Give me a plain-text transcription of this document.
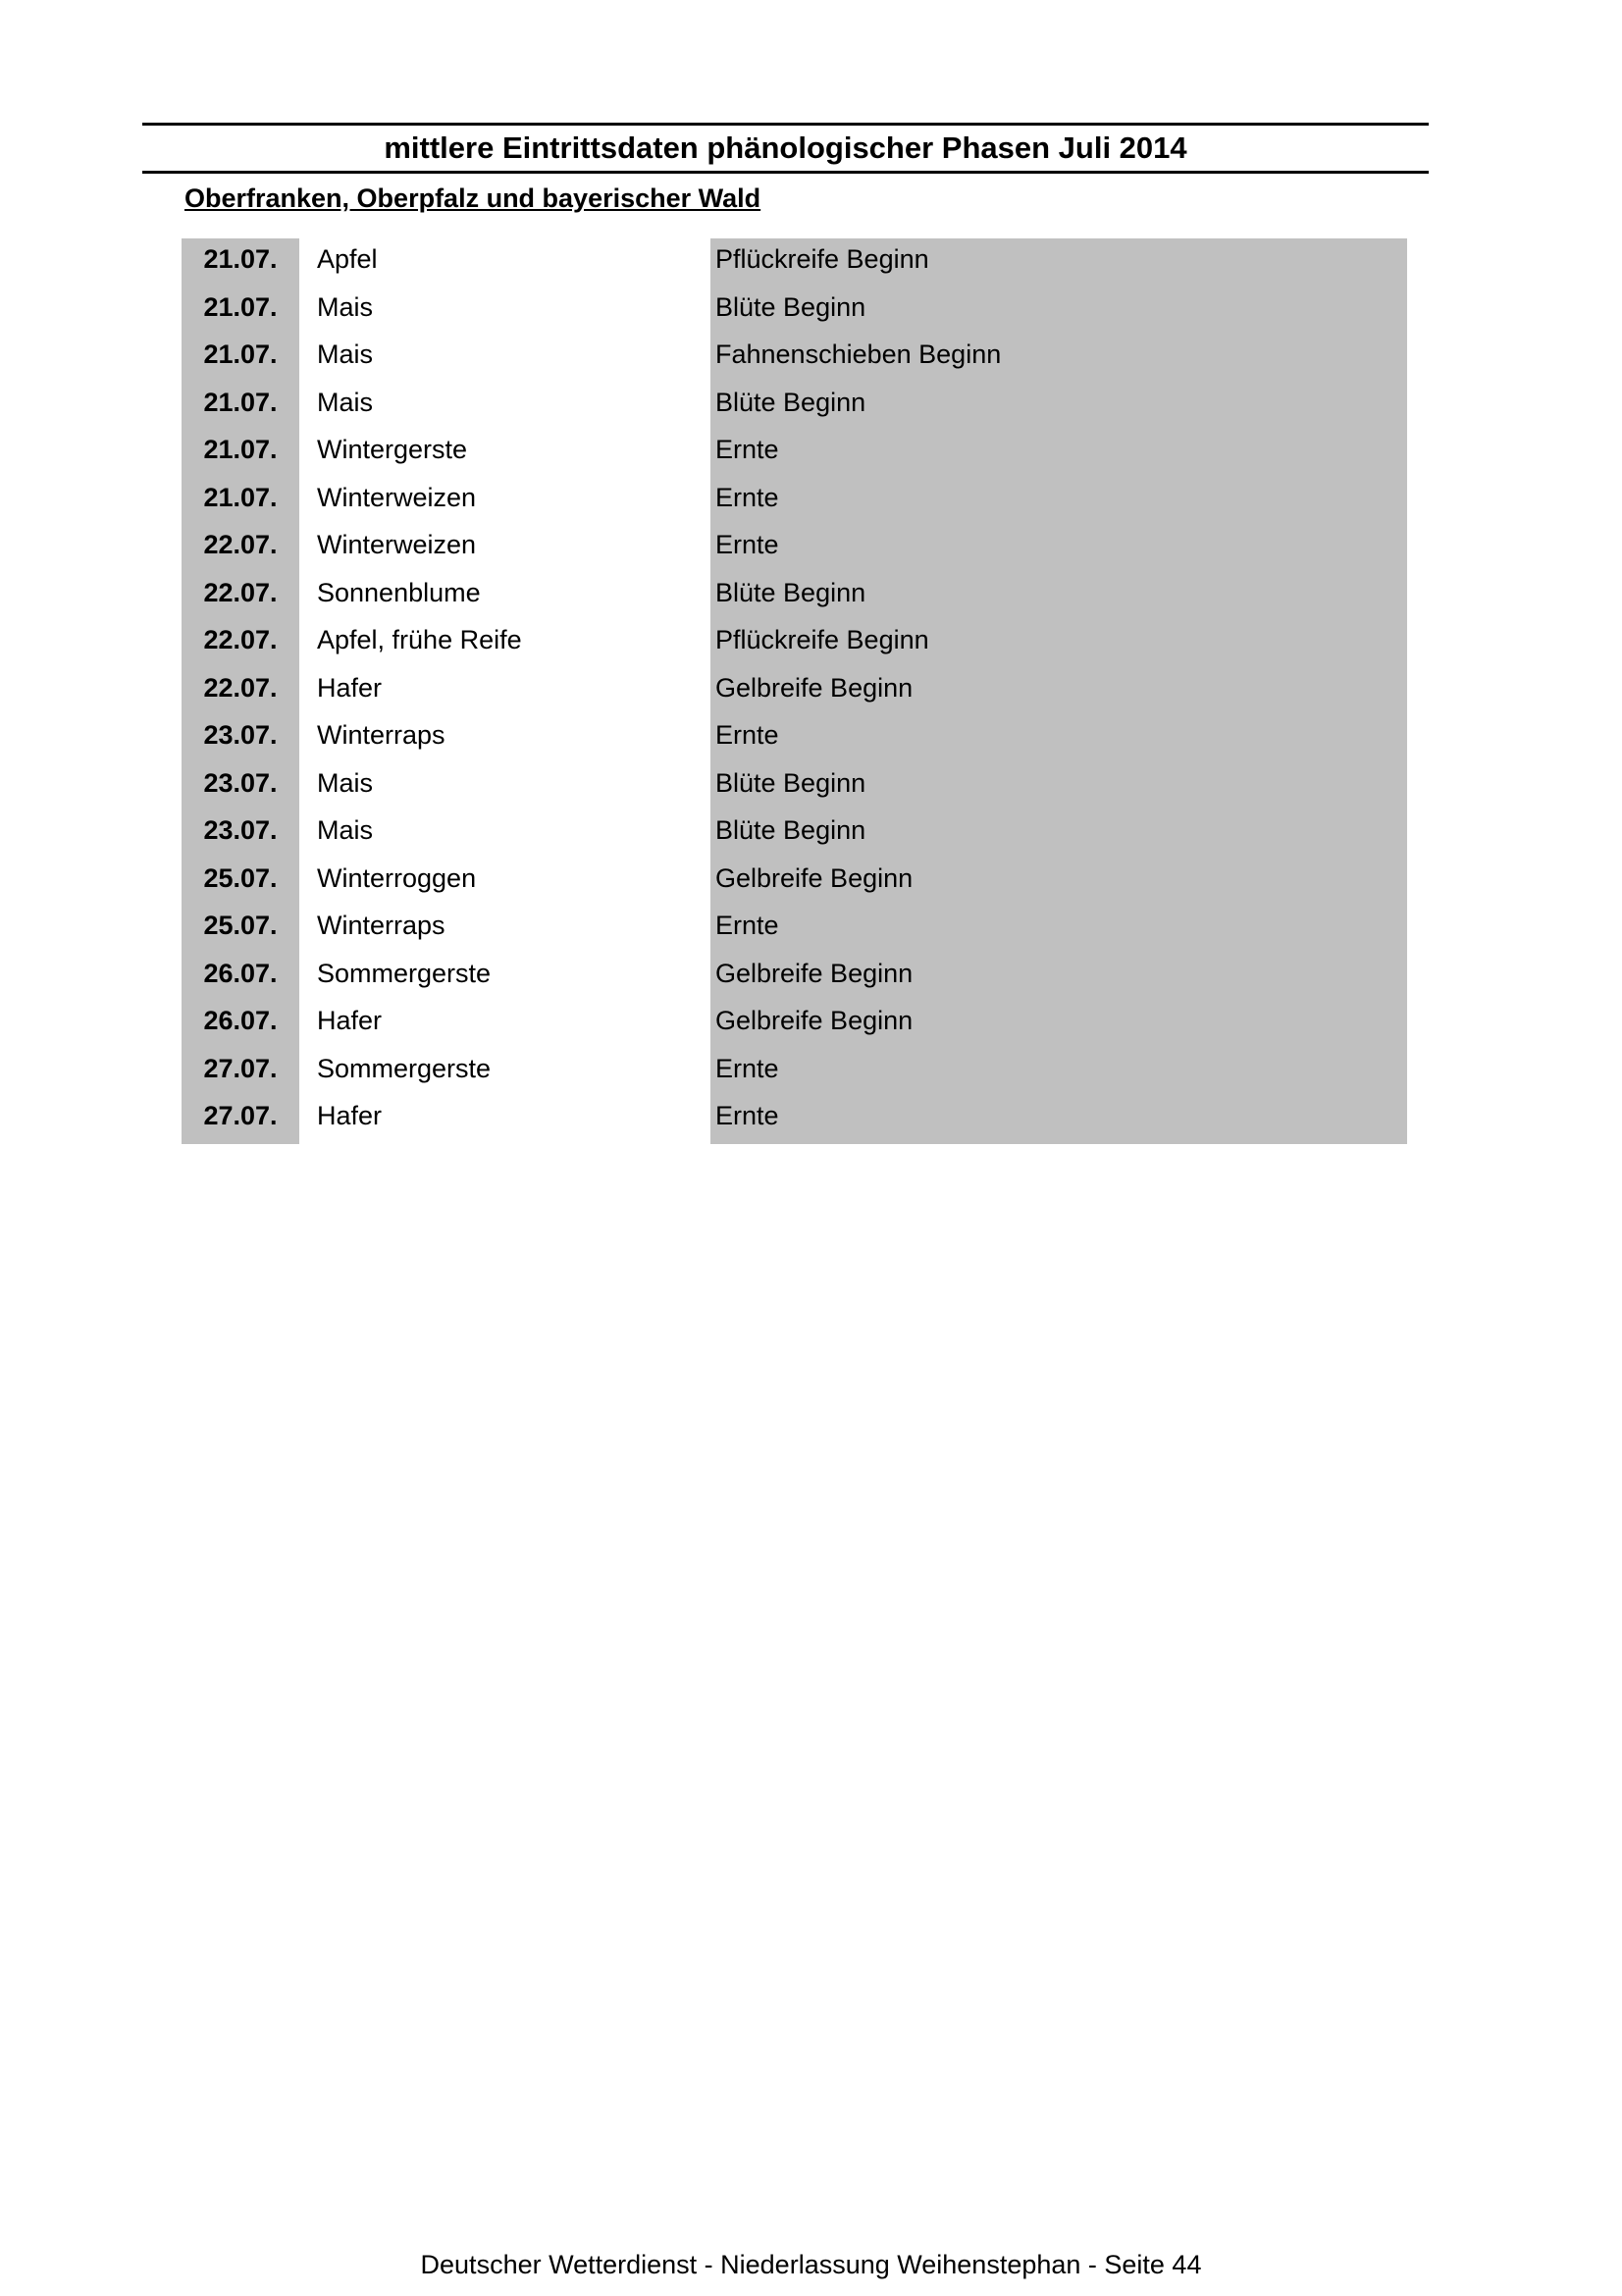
mittlere Eintrittsdaten phänologischer Phasen Juli 2014
Oberfranken, Oberpfalz und bayerischer Wald
21.07.	Apfel	Pflückreife Beginn
21.07.	Mais	Blüte Beginn
21.07.	Mais	Fahnenschieben Beginn
21.07.	Mais	Blüte Beginn
21.07.	Wintergerste	Ernte
21.07.	Winterweizen	Ernte
22.07.	Winterweizen	Ernte
22.07.	Sonnenblume	Blüte Beginn
22.07.	Apfel, frühe Reife	Pflückreife Beginn
22.07.	Hafer	Gelbreife Beginn
23.07.	Winterraps	Ernte
23.07.	Mais	Blüte Beginn
23.07.	Mais	Blüte Beginn
25.07.	Winterroggen	Gelbreife Beginn
25.07.	Winterraps	Ernte
26.07.	Sommergerste	Gelbreife Beginn
26.07.	Hafer	Gelbreife Beginn
27.07.	Sommergerste	Ernte
27.07.	Hafer	Ernte
Deutscher Wetterdienst - Niederlassung Weihenstephan - Seite 44
